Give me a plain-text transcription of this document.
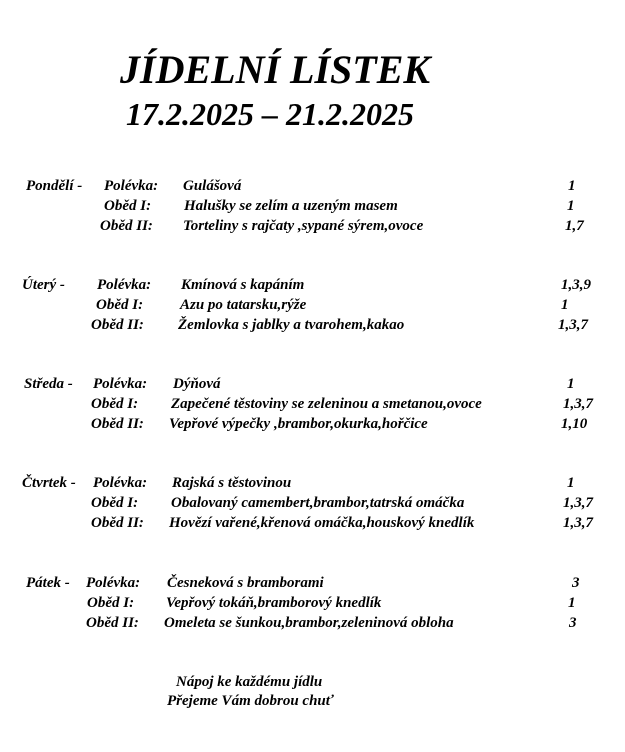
JÍDELNÍ LÍSTEK
17.2.2025 – 21.2.2025
Pondělí - Polévka: Gulášová	1
Oběd I: Halušky se zelím a uzeným masem	1
Oběd II: Torteliny s rajčaty ,sypané sýrem,ovoce	1,7
Úterý - Polévka: Kmínová s kapáním	1,3,9
Oběd I: Azu po tatarsku,rýže	1
Oběd II: Žemlovka s jablky a tvarohem,kakao	1,3,7
Středa - Polévka: Dýňová	1
Oběd I: Zapečené těstoviny se zeleninou a smetanou,ovoce	1,3,7
Oběd II: Vepřové výpečky ,brambor,okurka,hořčice	1,10
Čtvrtek - Polévka: Rajská s těstovinou	1
Oběd I: Obalovaný camembert,brambor,tatrská omáčka	1,3,7
Oběd II: Hovězí vařené,křenová omáčka,houskový knedlík	1,3,7
Pátek - Polévka: Česneková s bramborami	3
Oběd I: Vepřový tokáň,bramborový knedlík	1
Oběd II: Omeleta se šunkou,brambor,zeleninová obloha	3
Nápoj ke každému jídlu
Přejeme Vám dobrou chuť
